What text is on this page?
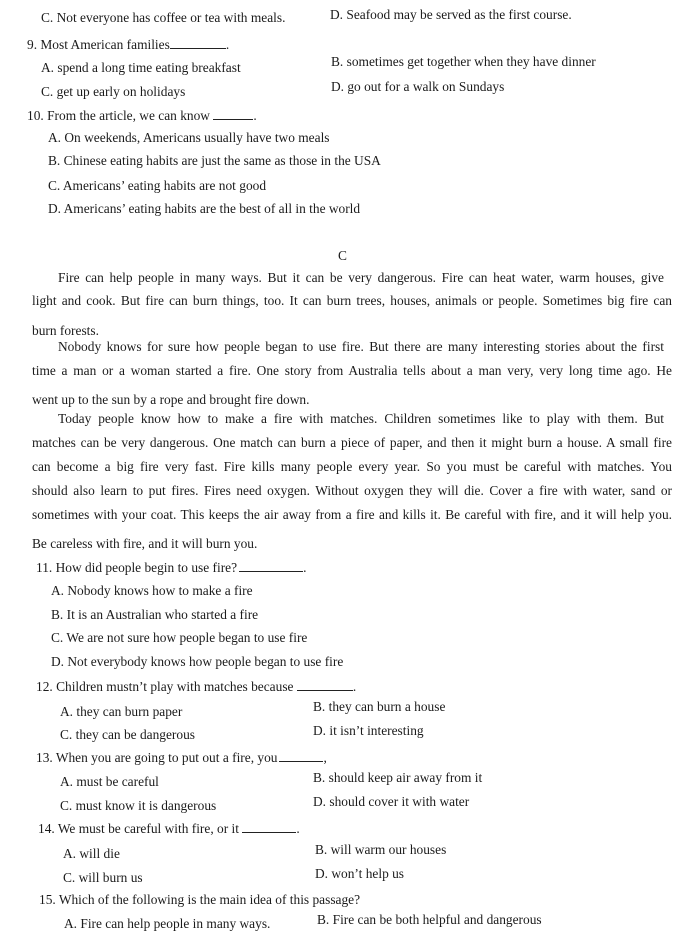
C. Not everyone has coffee or tea with meals.	D. Seafood may be served as the first course.
9. Most American families	.
A. spend a long time eating breakfast	B. sometimes get together when they have dinner
C. get up early on holidays	D. go out for a walk on Sundays
10. From the article, we can know	.
A. On weekends, Americans usually have two meals
B. Chinese eating habits are just the same as those in the USA
C. Americans’ eating habits are not good
D. Americans’ eating habits are the best of all in the world
C
Fire can help people in many ways. But it can be very dangerous. Fire can heat water, warm houses, give
light and cook. But fire can burn things, too. It can burn trees, houses, animals or people. Sometimes big fire can
burn forests.
Nobody knows for sure how people began to use fire. But there are many interesting stories about the first
time a man or a woman started a fire. One story from Australia tells about a man very, very long time ago. He
went up to the sun by a rope and brought fire down.
Today people know how to make a fire with matches. Children sometimes like to play with them. But
matches can be very dangerous. One match can burn a piece of paper, and then it might burn a house. A small fire
can become a big fire very fast. Fire kills many people every year. So you must be careful with matches. You
should also learn to put fires. Fires need oxygen. Without oxygen they will die. Cover a fire with water, sand or
sometimes with your coat. This keeps the air away from a fire and kills it. Be careful with fire, and it will help you.
Be careless with fire, and it will burn you.
11. How did people begin to use fire?	.
A. Nobody knows how to make a fire
B. It is an Australian who started a fire
C. We are not sure how people began to use fire
D. Not everybody knows how people began to use fire
12. Children mustn’t play with matches because	.
A. they can burn paper	B. they can burn a house
C. they can be dangerous	D. it isn’t interesting
13. When you are going to put out a fire, you	,
A. must be careful	B. should keep air away from it
C. must know it is dangerous	D. should cover it with water
14. We must be careful with fire, or it	.
A. will die	B. will warm our houses
C. will burn us	D. won’t help us
15. Which of the following is the main idea of this passage?
A. Fire can help people in many ways.	B. Fire can be both helpful and dangerous
